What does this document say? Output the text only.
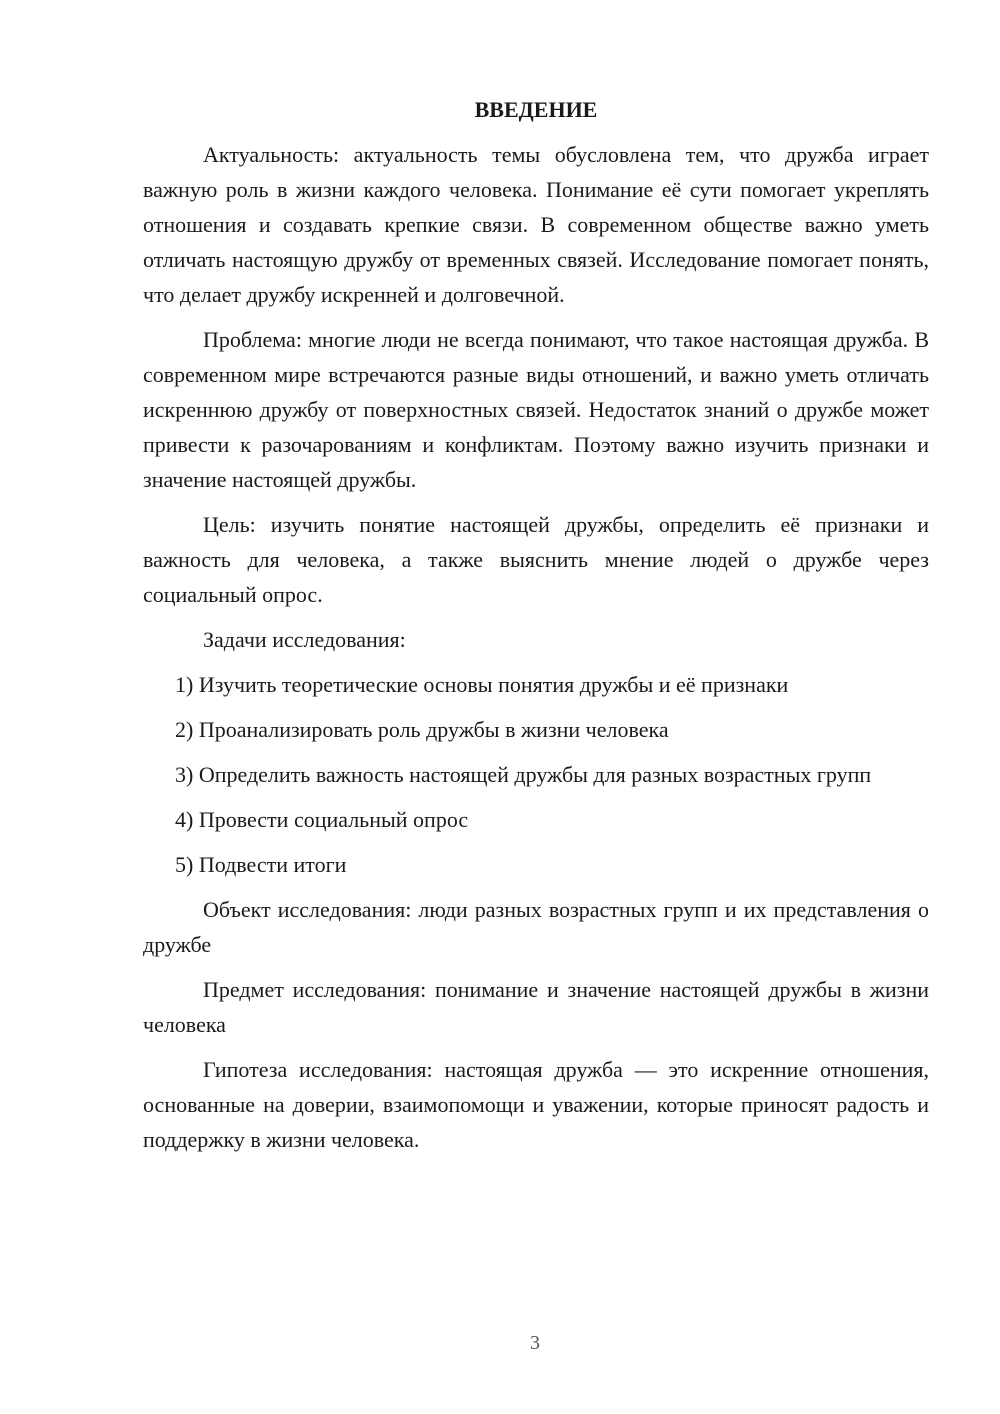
ВВЕДЕНИЕ

Актуальность: актуальность темы обусловлена тем, что дружба играет важную роль в жизни каждого человека. Понимание её сути помогает укреплять отношения и создавать крепкие связи. В современном обществе важно уметь отличать настоящую дружбу от временных связей. Исследование помогает понять, что делает дружбу искренней и долговечной.

Проблема: многие люди не всегда понимают, что такое настоящая дружба. В современном мире встречаются разные виды отношений, и важно уметь отличать искреннюю дружбу от поверхностных связей. Недостаток знаний о дружбе может привести к разочарованиям и конфликтам. Поэтому важно изучить признаки и значение настоящей дружбы.

Цель: изучить понятие настоящей дружбы, определить её признаки и важность для человека, а также выяснить мнение людей о дружбе через социальный опрос.

Задачи исследования:

1) Изучить теоретические основы понятия дружбы и её признаки

2) Проанализировать роль дружбы в жизни человека

3) Определить важность настоящей дружбы для разных возрастных групп

4) Провести социальный опрос

5) Подвести итоги

Объект исследования: люди разных возрастных групп и их представления о дружбе

Предмет исследования: понимание и значение настоящей дружбы в жизни человека

Гипотеза исследования: настоящая дружба — это искренние отношения, основанные на доверии, взаимопомощи и уважении, которые приносят радость и поддержку в жизни человека.

3
